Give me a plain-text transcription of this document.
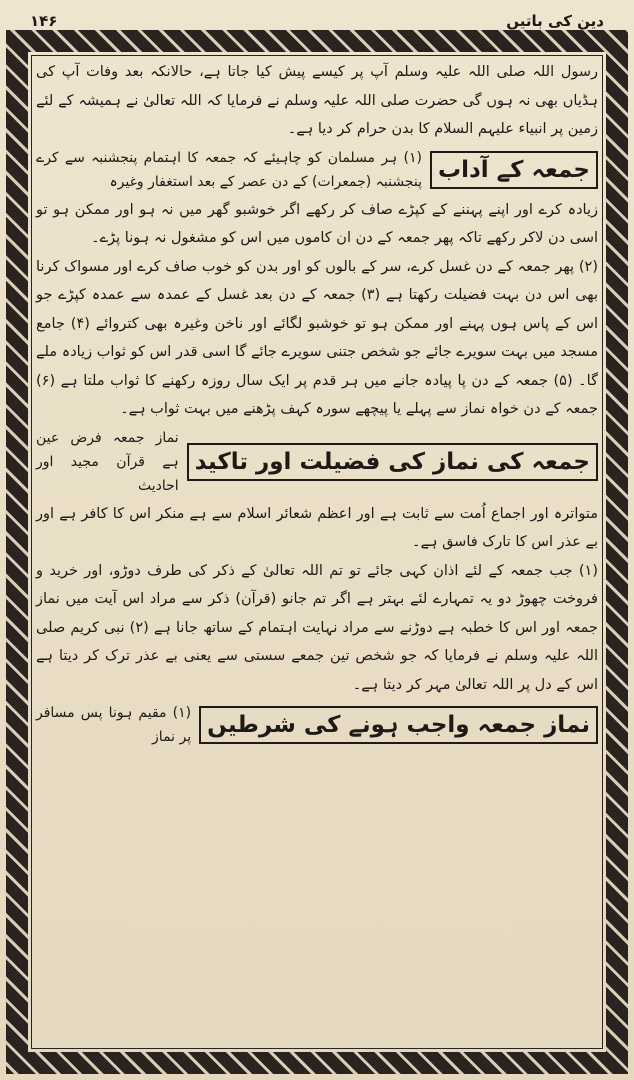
دین کی باتیں
۱۴۶

رسول اللہ صلی اللہ علیہ وسلم آپ پر کیسے پیش کیا جاتا ہے، حالانکہ بعد وفات آپ کی ہڈیاں بھی نہ ہوں گی حضرت صلی اللہ علیہ وسلم نے فرمایا کہ اللہ تعالیٰ نے ہمیشہ کے لئے زمین پر انبیاء علیہم السلام کا بدن حرام کر دیا ہے۔

جمعہ کے آداب
(۱) ہر مسلمان کو چاہیئے کہ جمعہ کا اہتمام پنجشنبہ سے کرے پنجشنبہ (جمعرات) کے دن عصر کے بعد استغفار وغیرہ

زیادہ کرے اور اپنے پہننے کے کپڑے صاف کر رکھے اگر خوشبو گھر میں نہ ہو اور ممکن ہو تو اسی دن لاکر رکھے تاکہ پھر جمعہ کے دن ان کاموں میں اس کو مشغول نہ ہونا پڑے۔

(۲) پھر جمعہ کے دن غسل کرے، سر کے بالوں کو اور بدن کو خوب صاف کرے اور مسواک کرنا بھی اس دن بہت فضیلت رکھتا ہے (۳) جمعہ کے دن بعد غسل کے عمدہ سے عمدہ کپڑے جو اس کے پاس ہوں پہنے اور ممکن ہو تو خوشبو لگائے اور ناخن وغیرہ بھی کتروائے (۴) جامع مسجد میں بہت سویرے جائے جو شخص جتنی سویرے جائے گا اسی قدر اس کو ثواب زیادہ ملے گا۔ (۵) جمعہ کے دن پا پیادہ جانے میں ہر قدم پر ایک سال روزہ رکھنے کا ثواب ملتا ہے (۶) جمعہ کے دن خواہ نماز سے پہلے یا پیچھے سورہ کہف پڑھنے میں بہت ثواب ہے۔

جمعہ کی نماز کی فضیلت اور تاکید
نماز جمعہ فرض عین ہے قرآن مجید اور احادیث

متواترہ اور اجماع اُمت سے ثابت ہے اور اعظم شعائر اسلام سے ہے منکر اس کا کافر ہے اور بے عذر اس کا تارک فاسق ہے۔

(۱) جب جمعہ کے لئے اذان کہی جائے تو تم اللہ تعالیٰ کے ذکر کی طرف دوڑو، اور خرید و فروخت چھوڑ دو یہ تمہارے لئے بہتر ہے اگر تم جانو (قرآن) ذکر سے مراد اس آیت میں نماز جمعہ اور اس کا خطبہ ہے دوڑنے سے مراد نہایت اہتمام کے ساتھ جانا ہے (۲) نبی کریم صلی اللہ علیہ وسلم نے فرمایا کہ جو شخص تین جمعے سستی سے یعنی بے عذر ترک کر دیتا ہے اس کے دل پر اللہ تعالیٰ مہر کر دیتا ہے۔

نماز جمعہ واجب ہونے کی شرطیں
(۱) مقیم ہونا پس مسافر پر نماز
